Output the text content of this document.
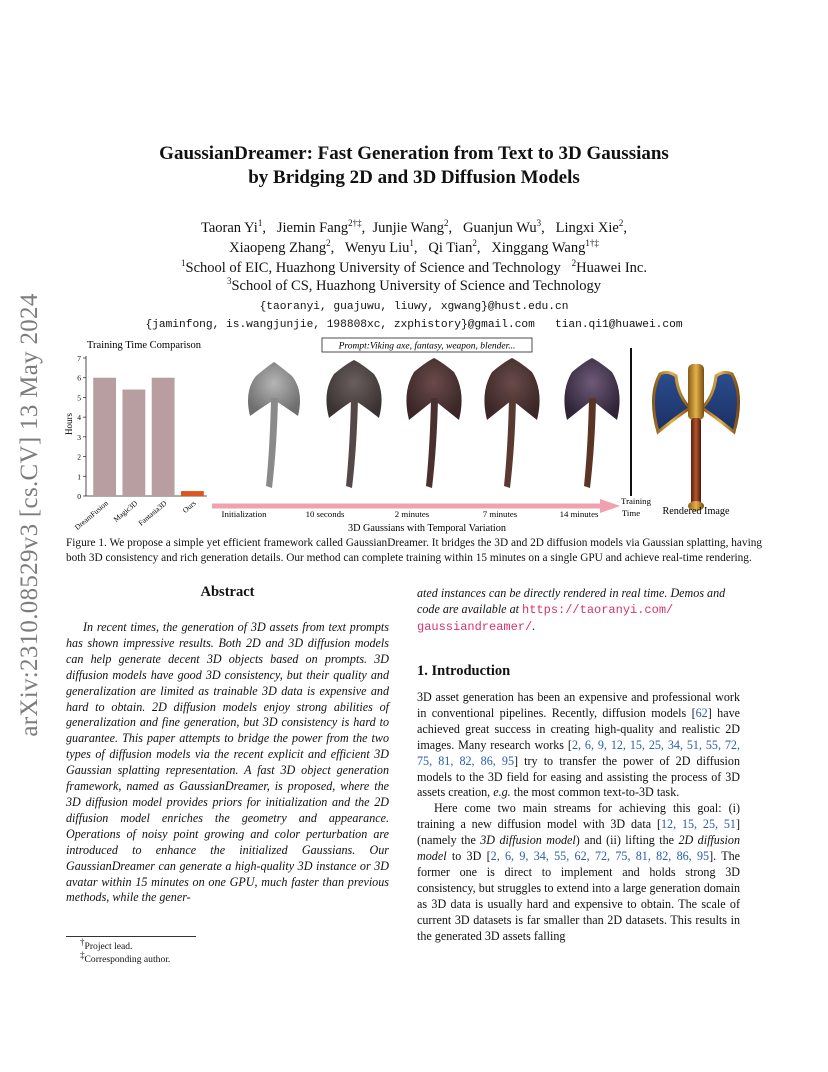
arXiv:2310.08529v3 [cs.CV] 13 May 2024
GaussianDreamer: Fast Generation from Text to 3D Gaussians
by Bridging 2D and 3D Diffusion Models
Taoran Yi$^1$,   Jiemin Fang$^{2\dagger\ddagger}$,  Junjie Wang$^2$,   Guanjun Wu$^3$,   Lingxi Xie$^2$,
Xiaopeng Zhang$^2$,   Wenyu Liu$^1$,   Qi Tian$^2$,   Xinggang Wang$^{1\dagger\ddagger}$
$^1$School of EIC, Huazhong University of Science and Technology $^2$Huawei Inc.
$^3$School of CS, Huazhong University of Science and Technology
{taoranyi, guajuwu, liuwy, xgwang}@hust.edu.cn
{jaminfong, is.wangjunjie, 198808xc, zxphistory}@gmail.com   tian.qi1@huawei.com
Training Time Comparison
Hours
0
1
2
3
4
5
6
7
DreamFusion Magic3D
Fantasia3D Ours
Prompt:Viking axe, fantasy, weapon, blender...
Initialization	10 seconds	2 minutes	7 minutes	14 minutes
Training
Time Rendered Image
3D Gaussians with Temporal Variation
Figure 1. We propose a simple yet efficient framework called GaussianDreamer. It bridges the 3D and 2D diffusion models via Gaussian splatting, having both 3D consistency and rich generation details. Our method can complete training within 15 minutes on a single GPU and achieve real-time rendering.
Abstract
In recent times, the generation of 3D assets from text prompts has shown impressive results. Both 2D and 3D diffusion models can help generate decent 3D objects based on prompts. 3D diffusion models have good 3D consistency, but their quality and generalization are limited as trainable 3D data is expensive and hard to obtain. 2D diffusion models enjoy strong abilities of generalization and fine generation, but 3D consistency is hard to guarantee. This paper attempts to bridge the power from the two types of diffusion models via the recent explicit and efficient 3D Gaussian splatting representation. A fast 3D object generation framework, named as GaussianDreamer, is proposed, where the 3D diffusion model provides priors for initialization and the 2D diffusion model enriches the geometry and appearance. Operations of noisy point growing and color perturbation are introduced to enhance the initialized Gaussians. Our GaussianDreamer can generate a high-quality 3D instance or 3D avatar within 15 minutes on one GPU, much faster than previous methods, while the gener-
†Project lead.
‡Corresponding author.
ated instances can be directly rendered in real time. Demos and code are available at https://taoranyi.com/
gaussiandreamer/.
1. Introduction

3D asset generation has been an expensive and professional work in conventional pipelines. Recently, diffusion models [62] have achieved great success in creating high-quality and realistic 2D images. Many research works [2, 6, 9, 12, 15, 25, 34, 51, 55, 72, 75, 81, 82, 86, 95] try to transfer the power of 2D diffusion models to the 3D field for easing and assisting the process of 3D assets creation, e.g. the most common text-to-3D task.

Here come two main streams for achieving this goal: (i) training a new diffusion model with 3D data [12, 15, 25, 51] (namely the 3D diffusion model) and (ii) lifting the 2D diffusion model to 3D [2, 6, 9, 34, 55, 62, 72, 75, 81, 82, 86, 95]. The former one is direct to implement and holds strong 3D consistency, but struggles to extend into a large generation domain as 3D data is usually hard and expensive to obtain. The scale of current 3D datasets is far smaller than 2D datasets. This results in the generated 3D assets falling
